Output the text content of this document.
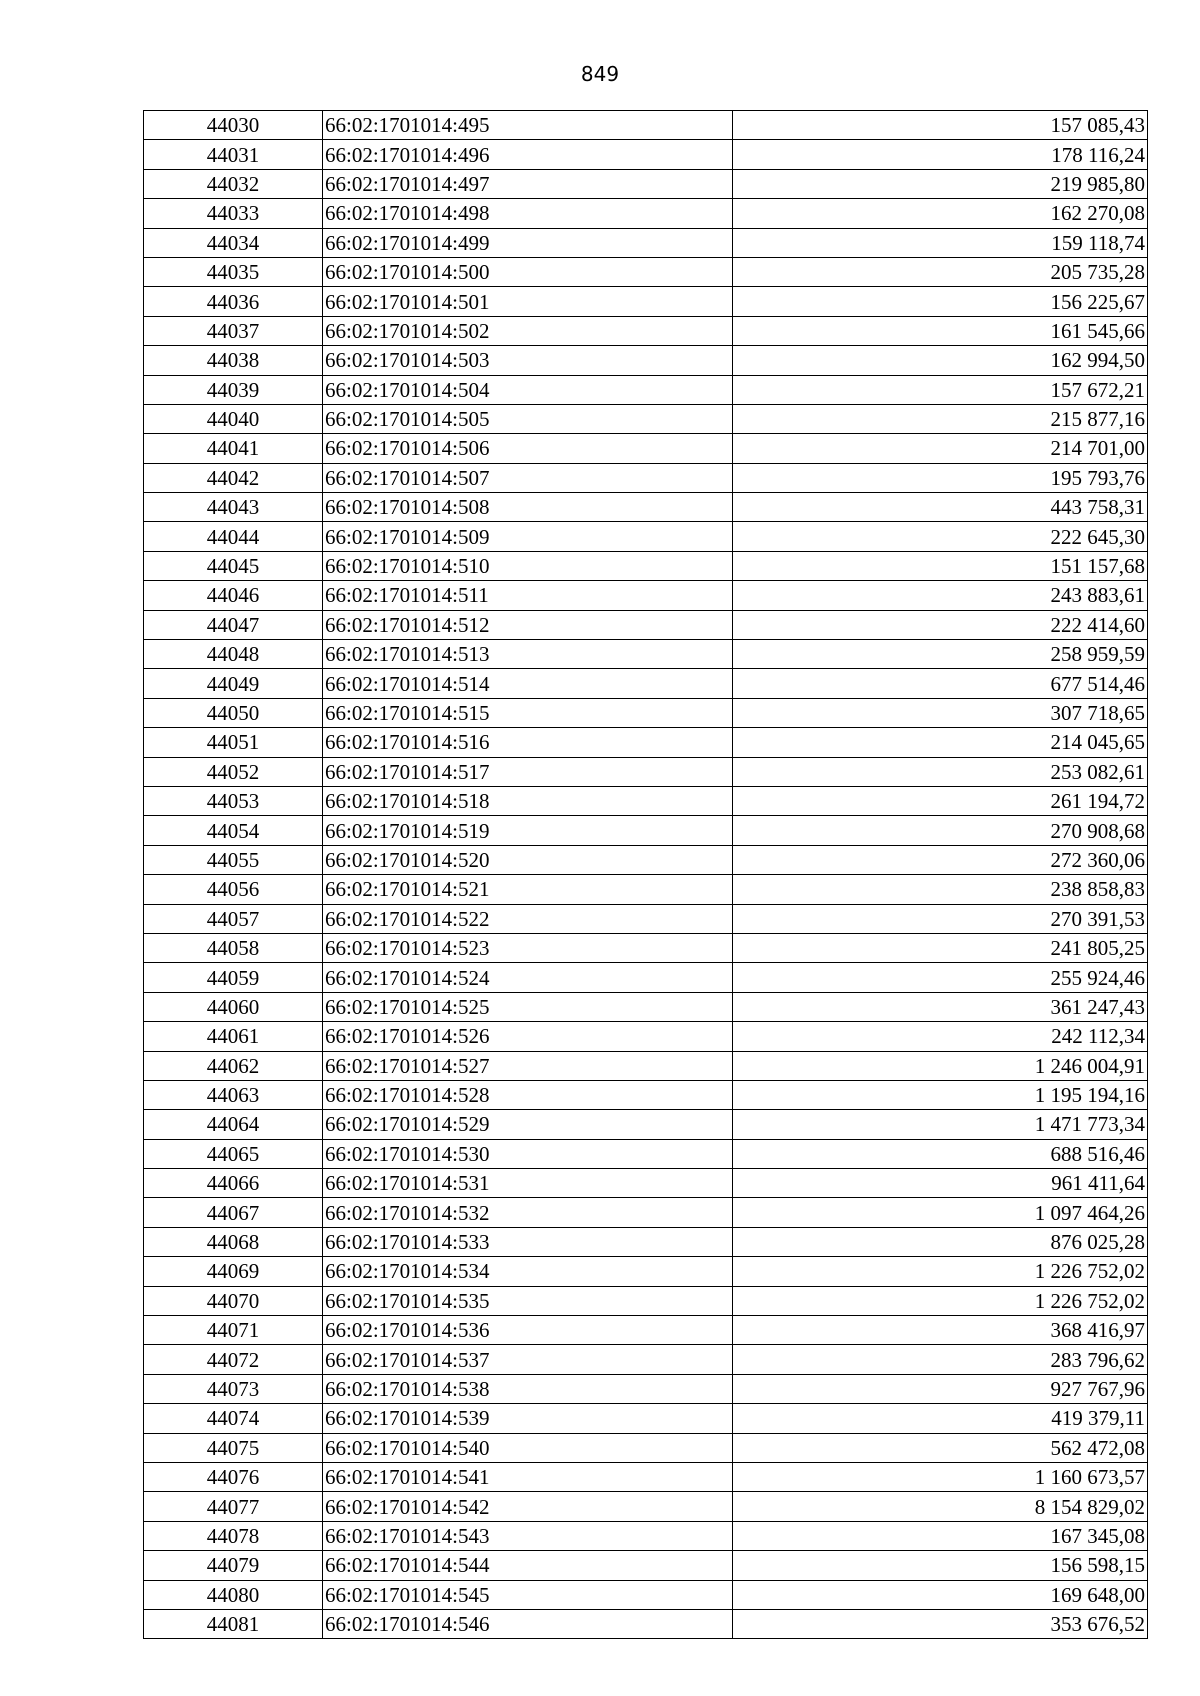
849
44030	66:02:1701014:495	157 085,43
44031	66:02:1701014:496	178 116,24
44032	66:02:1701014:497	219 985,80
44033	66:02:1701014:498	162 270,08
44034	66:02:1701014:499	159 118,74
44035	66:02:1701014:500	205 735,28
44036	66:02:1701014:501	156 225,67
44037	66:02:1701014:502	161 545,66
44038	66:02:1701014:503	162 994,50
44039	66:02:1701014:504	157 672,21
44040	66:02:1701014:505	215 877,16
44041	66:02:1701014:506	214 701,00
44042	66:02:1701014:507	195 793,76
44043	66:02:1701014:508	443 758,31
44044	66:02:1701014:509	222 645,30
44045	66:02:1701014:510	151 157,68
44046	66:02:1701014:511	243 883,61
44047	66:02:1701014:512	222 414,60
44048	66:02:1701014:513	258 959,59
44049	66:02:1701014:514	677 514,46
44050	66:02:1701014:515	307 718,65
44051	66:02:1701014:516	214 045,65
44052	66:02:1701014:517	253 082,61
44053	66:02:1701014:518	261 194,72
44054	66:02:1701014:519	270 908,68
44055	66:02:1701014:520	272 360,06
44056	66:02:1701014:521	238 858,83
44057	66:02:1701014:522	270 391,53
44058	66:02:1701014:523	241 805,25
44059	66:02:1701014:524	255 924,46
44060	66:02:1701014:525	361 247,43
44061	66:02:1701014:526	242 112,34
44062	66:02:1701014:527	1 246 004,91
44063	66:02:1701014:528	1 195 194,16
44064	66:02:1701014:529	1 471 773,34
44065	66:02:1701014:530	688 516,46
44066	66:02:1701014:531	961 411,64
44067	66:02:1701014:532	1 097 464,26
44068	66:02:1701014:533	876 025,28
44069	66:02:1701014:534	1 226 752,02
44070	66:02:1701014:535	1 226 752,02
44071	66:02:1701014:536	368 416,97
44072	66:02:1701014:537	283 796,62
44073	66:02:1701014:538	927 767,96
44074	66:02:1701014:539	419 379,11
44075	66:02:1701014:540	562 472,08
44076	66:02:1701014:541	1 160 673,57
44077	66:02:1701014:542	8 154 829,02
44078	66:02:1701014:543	167 345,08
44079	66:02:1701014:544	156 598,15
44080	66:02:1701014:545	169 648,00
44081	66:02:1701014:546	353 676,52
